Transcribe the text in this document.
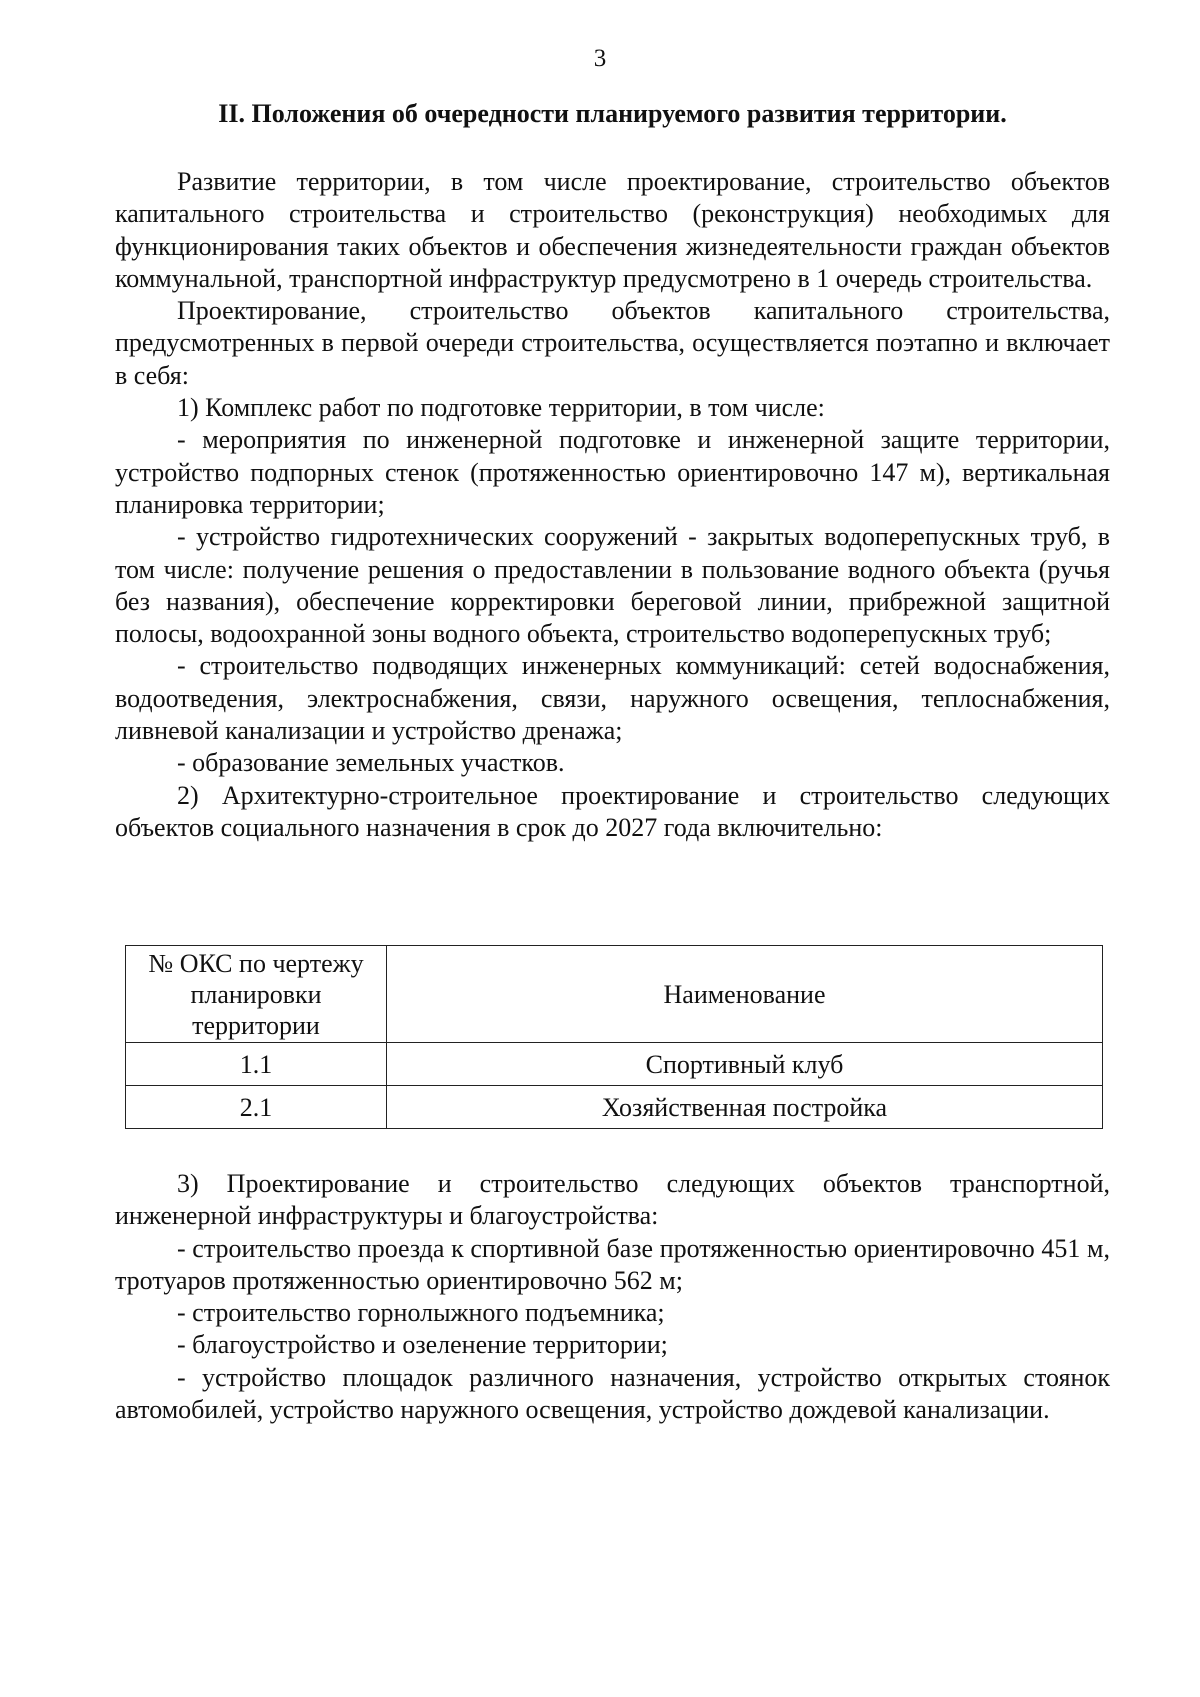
3
II. Положения об очередности планируемого развития территории.

Развитие территории, в том числе проектирование, строительство объектов капитального строительства и строительство (реконструкция) необходимых для функционирования таких объектов и обеспечения жизнедеятельности граждан объектов коммунальной, транспортной инфраструктур предусмотрено в 1 очередь строительства.

Проектирование, строительство объектов капитального строительства, предусмотренных в первой очереди строительства, осуществляется поэтапно и включает в себя:

1) Комплекс работ по подготовке территории, в том числе:

- мероприятия по инженерной подготовке и инженерной защите территории, устройство подпорных стенок (протяженностью ориентировочно 147 м), вертикальная планировка территории;

- устройство гидротехнических сооружений - закрытых водоперепускных труб, в том числе: получение решения о предоставлении в пользование водного объекта (ручья без названия), обеспечение корректировки береговой линии, прибрежной защитной полосы, водоохранной зоны водного объекта, строительство водоперепускных труб;

- строительство подводящих инженерных коммуникаций: сетей водоснабжения, водоотведения, электроснабжения, связи, наружного освещения, теплоснабжения, ливневой канализации и устройство дренажа;

- образование земельных участков.

2) Архитектурно-строительное проектирование и строительство следующих объектов социального назначения в срок до 2027 года включительно:

№ ОКС по чертежу планировки территории	Наименование
1.1	Спортивный клуб
2.1	Хозяйственная постройка

3) Проектирование и строительство следующих объектов транспортной, инженерной инфраструктуры и благоустройства:

- строительство проезда к спортивной базе протяженностью ориентировочно 451 м, тротуаров протяженностью ориентировочно 562 м;

- строительство горнолыжного подъемника;

- благоустройство и озеленение территории;

- устройство площадок различного назначения, устройство открытых стоянок автомобилей, устройство наружного освещения, устройство дождевой канализации.
